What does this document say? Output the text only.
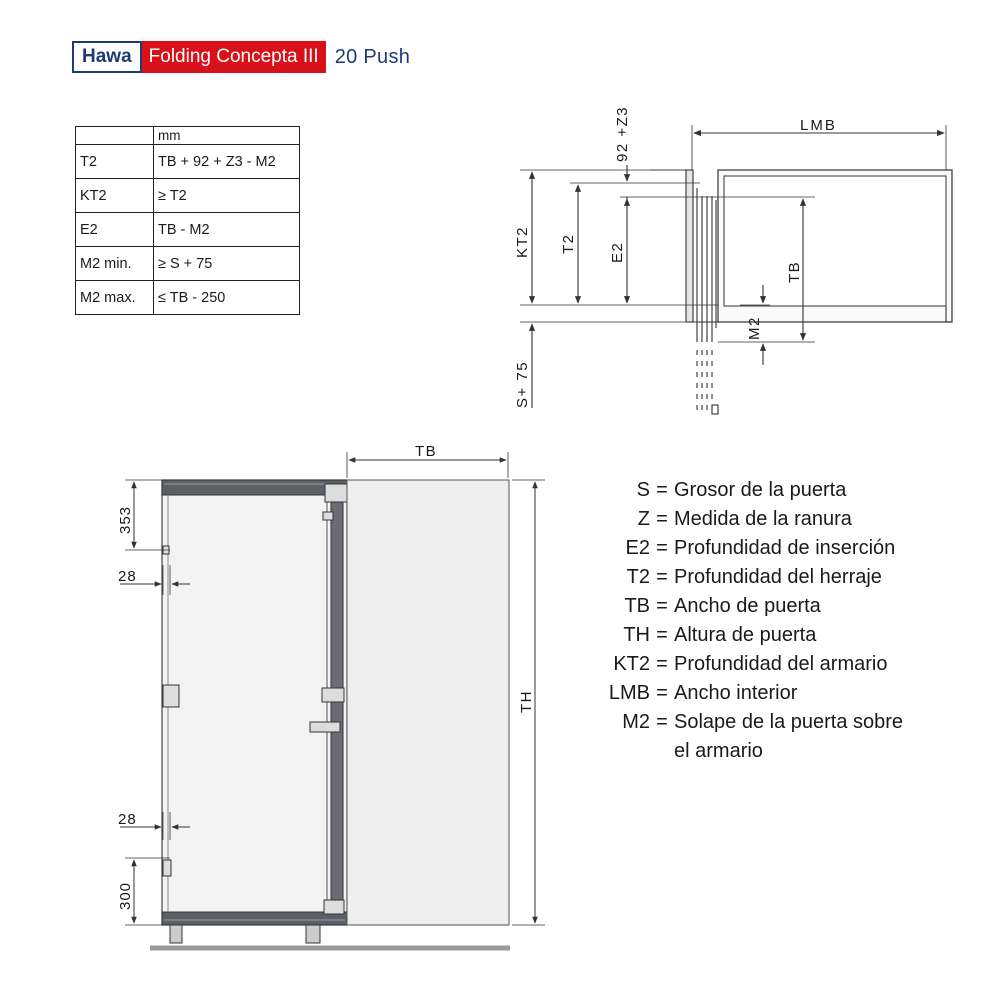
Hawa Folding Concepta III 20 Push
	mm
T2	TB + 92 + Z3 - M2
KT2	≥ T2
E2	TB - M2
M2 min.	≥ S + 75
M2 max.	≤ TB - 250
LMB
92 +Z3
KT2 T2 E2
TB
M2
S+ 75
TB
TH
353
28
28
300
S = Grosor de la puerta
Z = Medida de la ranura
E2 = Profundidad de inserción
T2 = Profundidad del herraje
TB = Ancho de puerta
TH = Altura de puerta
KT2 = Profundidad del armario
LMB = Ancho interior
M2 = Solape de la puerta sobre
el armario
